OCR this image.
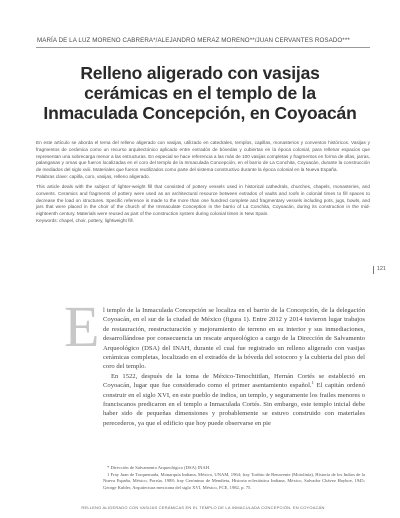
MARÍA DE LA LUZ MORENO CABRERA*/ALEJANDRO MERAZ MORENO**/JUAN CERVANTES ROSADO***
Relleno aligerado con vasijas cerámicas en el templo de la Inmaculada Concepción, en Coyoacán
En este artículo se aborda el tema del relleno aligerado con vasijas, utilizado en catedrales, templos, capillas, monasterios y conventos históricos. Vasijas y fragmentos de cerámica como un recurso arquitectónico aplicado entre extradós de bóvedas y cubiertas en la época colonial, para rellenar espacios que representan una sobrecarga menor a las estructuras. En especial se hace referencia a las más de 100 vasijas completas y fragmentos en forma de ollas, jarras, palanganas y ornas que fueron localizadas en el coro del templo de la Inmaculada Concepción, en el barrio de La Conchita, Coyoacán, durante la construcción de mediados del siglo xviii. Materiales que fueron reutilizados como parte del sistema constructivo durante la época colonial en la Nueva España.
Palabras clave: capilla, coro, vasijas, relleno aligerado.
This article deals with the subject of lighter-weight fill that consisted of pottery vessels used in historical cathedrals, churches, chapels, monasteries, and convents. Ceramics and fragments of pottery were used as an architectural resource between extrados of vaults and roofs in colonial times to fill spaces to decrease the load on structures. Specific reference is made to the more than one hundred complete and fragmentary vessels including pots, jugs, bowls, and jars that were placed in the choir of the church of the Immaculate Conception in the barrio of La Conchita, Coyoacán, during its construction in the mid-eighteenth century. Materials were reused as part of the construction system during colonial times in New Spain.
Keywords: chapel, choir, pottery, lightweight fill.
121
E l templo de la Inmaculada Concepción se localiza en el barrio de la Concepción, de la delegación Coyoacán, en el sur de la ciudad de México (figura 1). Entre 2012 y 2014 tuvieron lugar trabajos de restauración, reestructuración y mejoramiento de terreno en su interior y sus inmediaciones, desarrollándose por consecuencia un rescate arqueológico a cargo de la Dirección de Salvamento Arqueológico (DSA) del INAH, durante el cual fue registrado un relleno aligerado con vasijas cerámicas completas, localizado en el extradós de la bóveda del sotocoro y la cubierta del piso del coro del templo.

En 1522, después de la toma de México-Tenochtitlan, Hernán Cortés se estableció en Coyoacán, lugar que fue considerado como el primer asentamiento español.$^1$ El capitán ordenó construir en el siglo XVI, en este pueblo de indios, un templo, y seguramente los frailes menores o franciscanos predicaron en el templo a Inmaculada Cortés. Sin embargo, este templo inicial debe haber sido de pequeñas dimensiones y probablemente se estuvo construido con materiales perecederos, ya que el edificio que hoy puede observarse en pie

* Dirección de Salvamento Arqueológico (DSA) INAH.

1 Fray Juan de Torquemada, Monarquía Indiana, México, UNAM, 1964; fray Toribio de Benavente (Motolinía), Historia de los Indios de la Nueva España, México, Porrúa, 1988; fray Gerónimo de Mendieta, Historia eclesiástica Indiana, México, Salvador Chávez Hayhoe, 1945; George Kubler, Arquitectura mexicana del siglo XVI, México, FCE, 1982, p. 75.

RELLENO ALIGERADO CON VASIJAS CERÁMICAS EN EL TEMPLO DE LA INMACULADA CONCEPCIÓN, EN COYOACÁN
